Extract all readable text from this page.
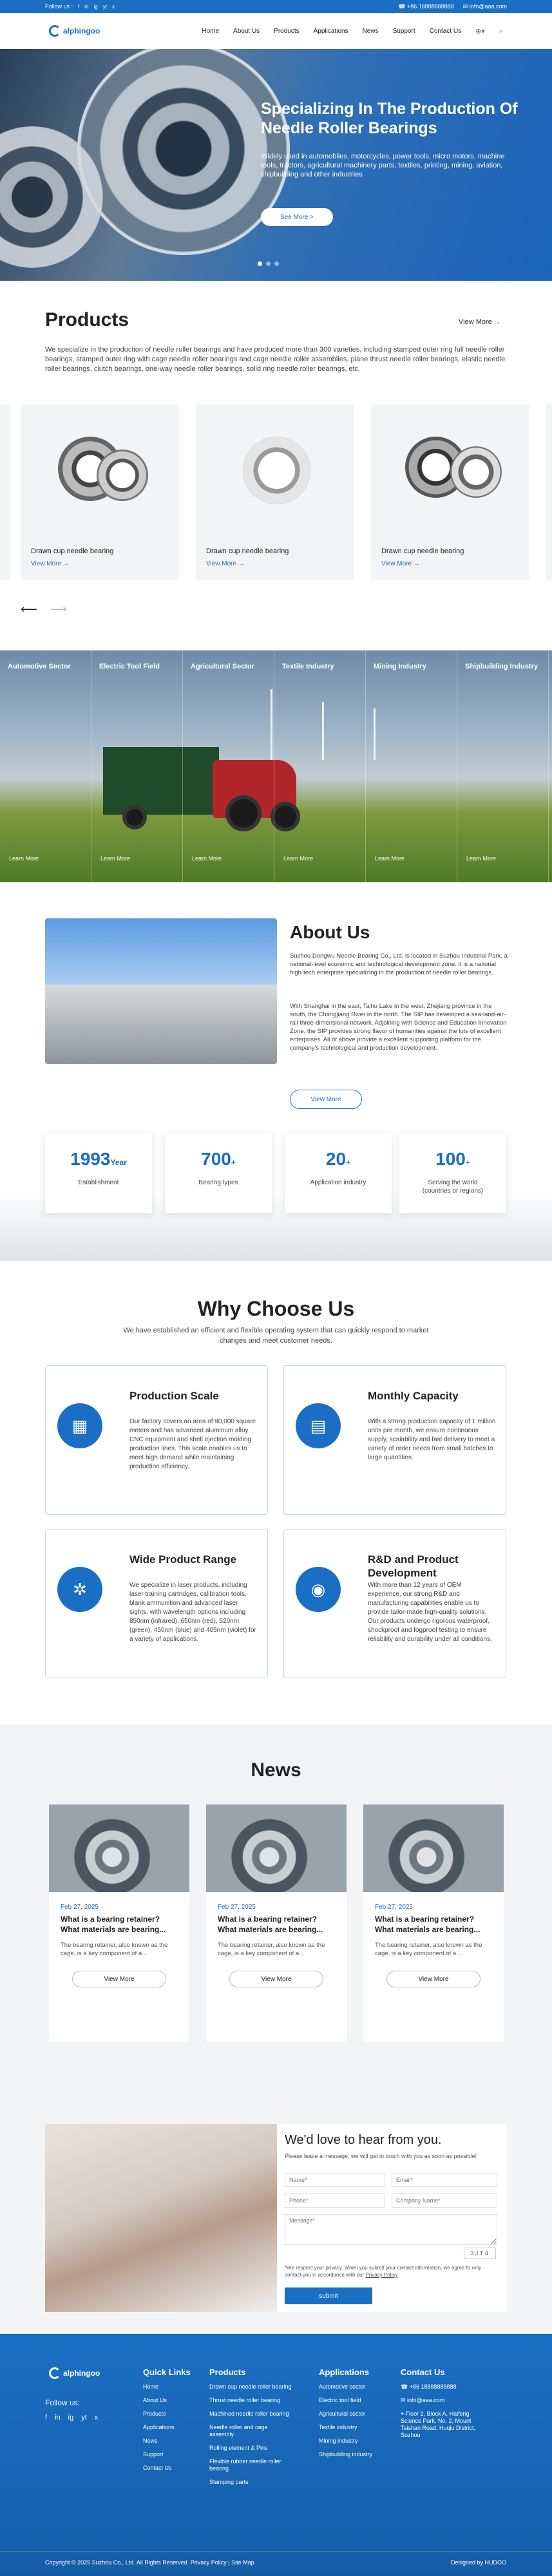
Follow us : f in ig yt x	☎ +86 18888888888 ✉ info@aaa.com
alphingoo	Home About Us Products Applications News Support Contact Us ⊕▾ ⌕
Specializing In The Production Of Needle Roller Bearings

Widely used in automobiles, motorcycles, power tools, micro motors, machine tools, tractors, agricultural machinery parts, textiles, printing, mining, aviation, shipbuilding and other industries

See More >
Products	View More →

We specialize in the production of needle roller bearings and have produced more than 300 varieties, including stamped outer ring full needle roller bearings, stamped outer ring with cage needle roller bearings and cage needle roller assemblies, plane thrust needle roller bearings, elastic needle roller bearings, clutch bearings, one-way needle roller bearings, solid ring needle roller bearings, etc.

Drawn cup needle bearing
View More →
Drawn cup needle bearing
View More →
Drawn cup needle bearing
View More →
⟵ ⟶
Automotive Sector	Electric Tool Field	Agricultural Sector	Textile Industry	Mining Industry	Shipbuilding Industry
Learn More	Learn More	Learn More	Learn More	Learn More	Learn More
About Us
Suzhou Dongwu Needle Bearing Co., Ltd. is located in Suzhou Industrial Park, a national-level economic and technological development zone. It is a national high-tech enterprise specializing in the production of needle roller bearings.
With Shanghai in the east, Taihu Lake in the west, Zhejiang province in the south, the Changjiang River in the north. The SIP has developed a sea-land-air-rail three-dimensional network. Adjoining with Science and Education Innovation Zone, the SIP provides strong flavor of humanities against the lots of excellent enterprises. All of above provide a excellent supporting platform for the company's technological and production development.
View More
1993Year
Establishment
700+
Bearing types
20+
Application industry
100+
Serving the world (countries or regions)
Why Choose Us
We have established an efficient and flexible operating system that can quickly respond to market changes and meet customer needs.
▦
Production Scale
Our factory covers an area of 90,000 square meters and has advanced aluminum alloy CNC equipment and shell ejection molding production lines. This scale enables us to meet high demand while maintaining production efficiency.
▤
Monthly Capacity
With a strong production capacity of 1 million units per month, we ensure continuous supply, scalability and fast delivery to meet a variety of order needs from small batches to large quantities.
✲
Wide Product Range
We specialize in laser products, including laser training cartridges, calibration tools, blank ammunition and advanced laser sights, with wavelength options including 850nm (infrared), 650nm (red), 520nm (green), 450nm (blue) and 405nm (violet) for a variety of applications.
◉
R&D and Product Development
With more than 12 years of OEM experience, our strong R&D and manufacturing capabilities enable us to provide tailor-made high-quality solutions. Our products undergo rigorous waterproof, shockproof and fogproof testing to ensure reliability and durability under all conditions.
News
Feb 27, 2025
What is a bearing retainer? What materials are bearing...
The bearing retainer, also known as the cage, is a key component of a...
View More
Feb 27, 2025
What is a bearing retainer? What materials are bearing...
The bearing retainer, also known as the cage, is a key component of a...
View More
Feb 27, 2025
What is a bearing retainer? What materials are bearing...
The bearing retainer, also known as the cage, is a key component of a...
View More
We'd love to hear from you.
Please leave a message, we will get in touch with you as soon as possible!
Name*
Email*
Phone*
Company Name*
Message*
3JT4
*We respect your privacy. When you submit your contact information, we agree to only contact you in accordance with our Privacy Policy
submit
alphingoo
Follow us:
f in ig yt x
Quick Links
Home
About Us
Products
Applications
News
Support
Contact Us
Products
Drawn cup needle roller bearing
Thrust needle roller bearing
Machined needle roller bearing
Needle roller and cage assembly
Rolling element & Pins
Flexible rubber needle roller bearing
Stamping parts
Applications
Automotive sector
Electric tool field
Agricultural sector
Textile industry
Mining industry
Shipbuilding industry
Contact Us
☎ +86 18888888888
✉ info@aaa.com
⌖ Floor 2, Block A, Haifeng Science Park, No. 2, Mount Taishan Road, Huqiu District, Suzhou
Copyright © 2025 Suzhou Co., Ltd. All Rights Reserved. Privacy Policy | Site Map	Designed by HUDOO
